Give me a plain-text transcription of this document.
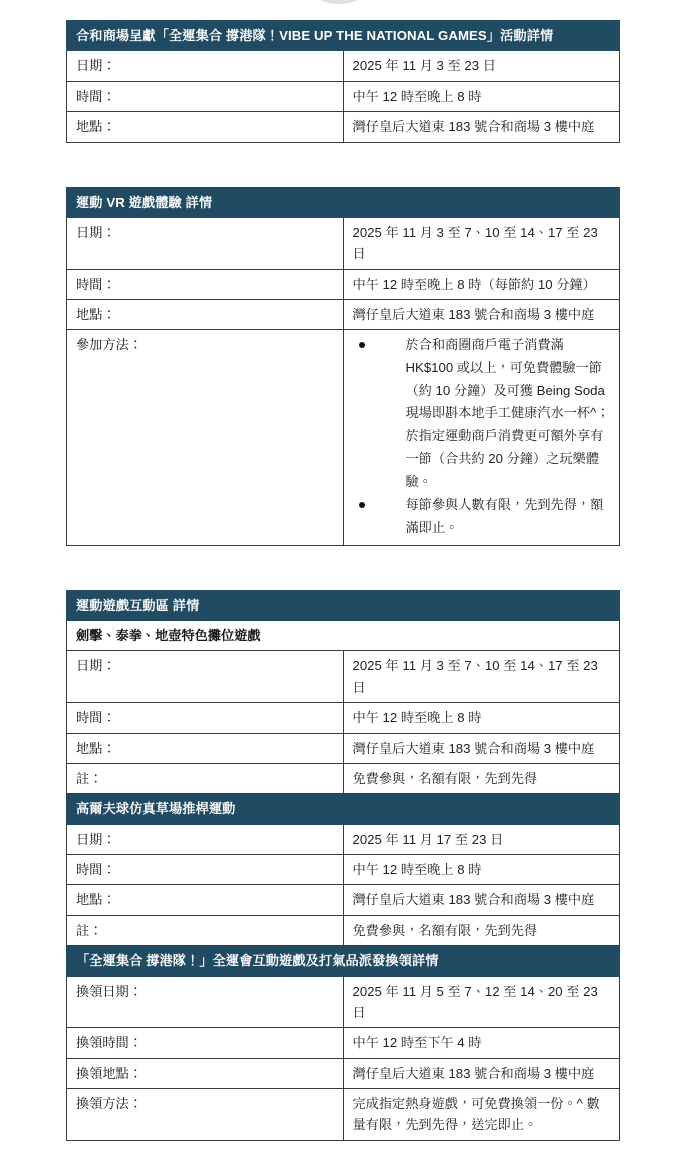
合和商場呈獻「全運集合 撐港隊！VIBE UP THE NATIONAL GAMES」活動詳情	
日期：	2025 年 11 月 3 至 23 日
時間：	中午 12 時至晚上 8 時
地點：	灣仔皇后大道東 183 號合和商場 3 樓中庭
運動 VR 遊戲體驗 詳情	
日期：	2025 年 11 月 3 至 7、10 至 14、17 至 23 日
時間：	中午 12 時至晚上 8 時（每節約 10 分鐘）
地點：	灣仔皇后大道東 183 號合和商場 3 樓中庭
參加方法：	於合和商圈商戶電子消費滿 HK$100 或以上，可免費體驗一節（約 10 分鐘）及可獲 Being Soda 現場即斟本地手工健康汽水一杯^；於指定運動商戶消費更可額外享有一節（合共約 20 分鐘）之玩樂體驗。
每節參與人數有限，先到先得，額滿即止。
運動遊戲互動區 詳情	
劍擊、泰拳、地壺特色攤位遊戲	
日期：	2025 年 11 月 3 至 7、10 至 14、17 至 23 日
時間：	中午 12 時至晚上 8 時
地點：	灣仔皇后大道東 183 號合和商場 3 樓中庭
註：	免費參與，名額有限，先到先得
高爾夫球仿真草場推桿運動	
日期：	2025 年 11 月 17 至 23 日
時間：	中午 12 時至晚上 8 時
地點：	灣仔皇后大道東 183 號合和商場 3 樓中庭
註：	免費參與，名額有限，先到先得
「全運集合 撐港隊！」全運會互動遊戲及打氣品派發換領詳情	
換領日期：	2025 年 11 月 5 至 7、12 至 14、20 至 23 日
換領時間：	中午 12 時至下午 4 時
換領地點：	灣仔皇后大道東 183 號合和商場 3 樓中庭
換領方法：	完成指定熱身遊戲，可免費換領一份。^ 數量有限，先到先得，送完即止。
